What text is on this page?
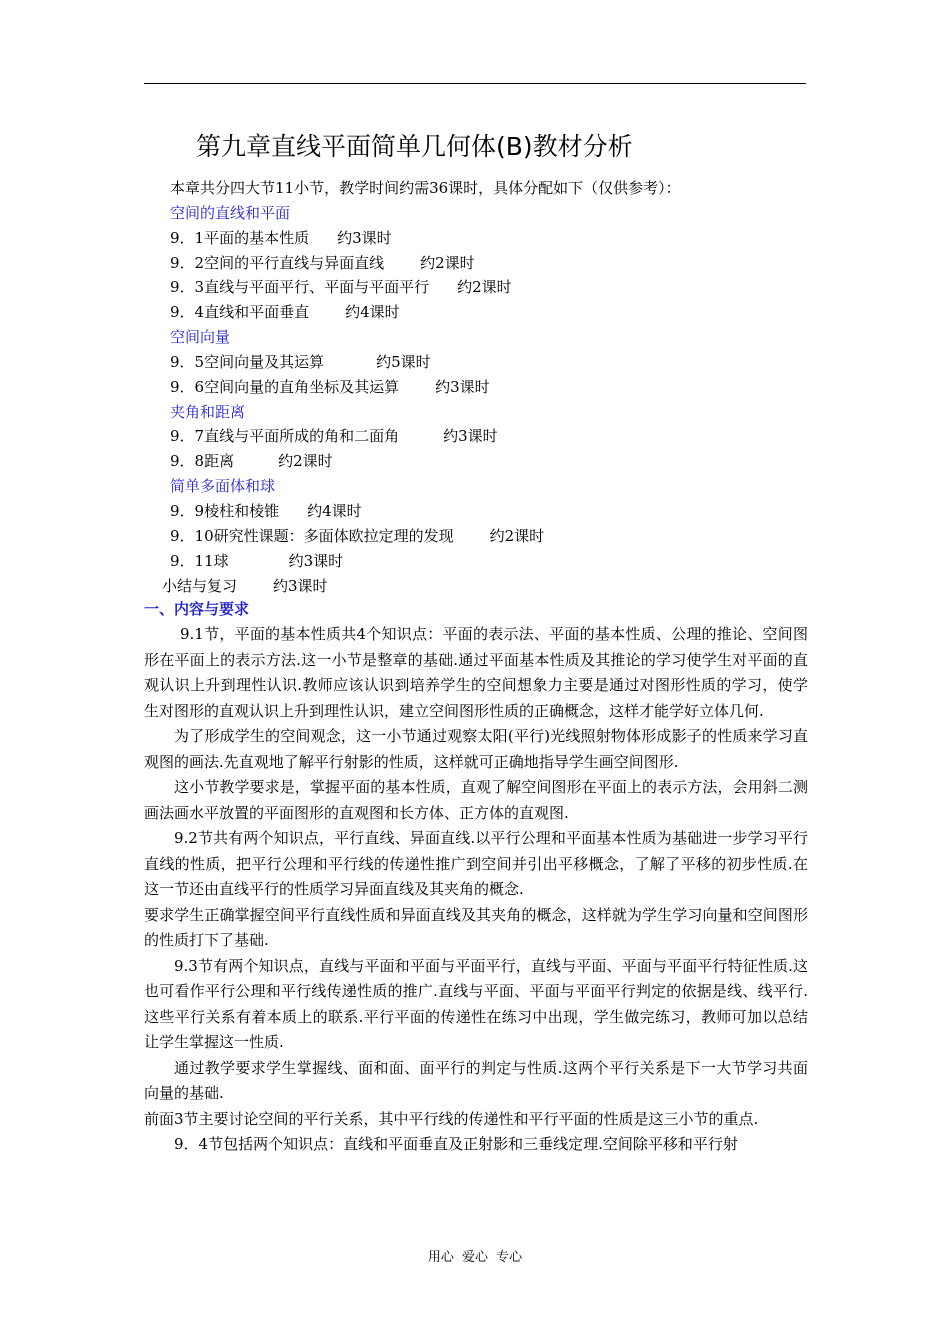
第九章直线平面简单几何体(B)教材分析
本章共分四大节11小节，教学时间约需36课时，具体分配如下（仅供参考）：
空间的直线和平面
9．1平面的基本性质 约3课时
9．2空间的平行直线与异面直线 约2课时
9．3直线与平面平行、平面与平面平行 约2课时
9．4直线和平面垂直 约4课时
空间向量
9．5空间向量及其运算	约5课时
9．6空间向量的直角坐标及其运算 约3课时
夹角和距离
9．7直线与平面所成的角和二面角	约3课时
9．8距离	约2课时
简单多面体和球
9．9棱柱和棱锥 约4课时
9．10研究性课题：多面体欧拉定理的发现 约2课时
9．11球	约3课时
小结与复习 约3课时
一、内容与要求

9.1节，平面的基本性质共4个知识点：平面的表示法、平面的基本性质、公理的推论、空间图形在平面上的表示方法.这一小节是整章的基础.通过平面基本性质及其推论的学习使学生对平面的直观认识上升到理性认识.教师应该认识到培养学生的空间想象力主要是通过对图形性质的学习，使学生对图形的直观认识上升到理性认识，建立空间图形性质的正确概念，这样才能学好立体几何.

为了形成学生的空间观念，这一小节通过观察太阳(平行)光线照射物体形成影子的性质来学习直观图的画法.先直观地了解平行射影的性质，这样就可正确地指导学生画空间图形.

这小节教学要求是，掌握平面的基本性质，直观了解空间图形在平面上的表示方法，会用斜二测画法画水平放置的平面图形的直观图和长方体、正方体的直观图.

9.2节共有两个知识点，平行直线、异面直线.以平行公理和平面基本性质为基础进一步学习平行直线的性质，把平行公理和平行线的传递性推广到空间并引出平移概念，了解了平移的初步性质.在这一节还由直线平行的性质学习异面直线及其夹角的概念.

要求学生正确掌握空间平行直线性质和异面直线及其夹角的概念，这样就为学生学习向量和空间图形的性质打下了基础.

9.3节有两个知识点，直线与平面和平面与平面平行，直线与平面、平面与平面平行特征性质.这也可看作平行公理和平行线传递性质的推广.直线与平面、平面与平面平行判定的依据是线、线平行.这些平行关系有着本质上的联系.平行平面的传递性在练习中出现，学生做完练习，教师可加以总结让学生掌握这一性质.

通过教学要求学生掌握线、面和面、面平行的判定与性质.这两个平行关系是下一大节学习共面向量的基础.

前面3节主要讨论空间的平行关系，其中平行线的传递性和平行平面的性质是这三小节的重点.

9．4节包括两个知识点：直线和平面垂直及正射影和三垂线定理.空间除平移和平行射

用心 爱心 专心
